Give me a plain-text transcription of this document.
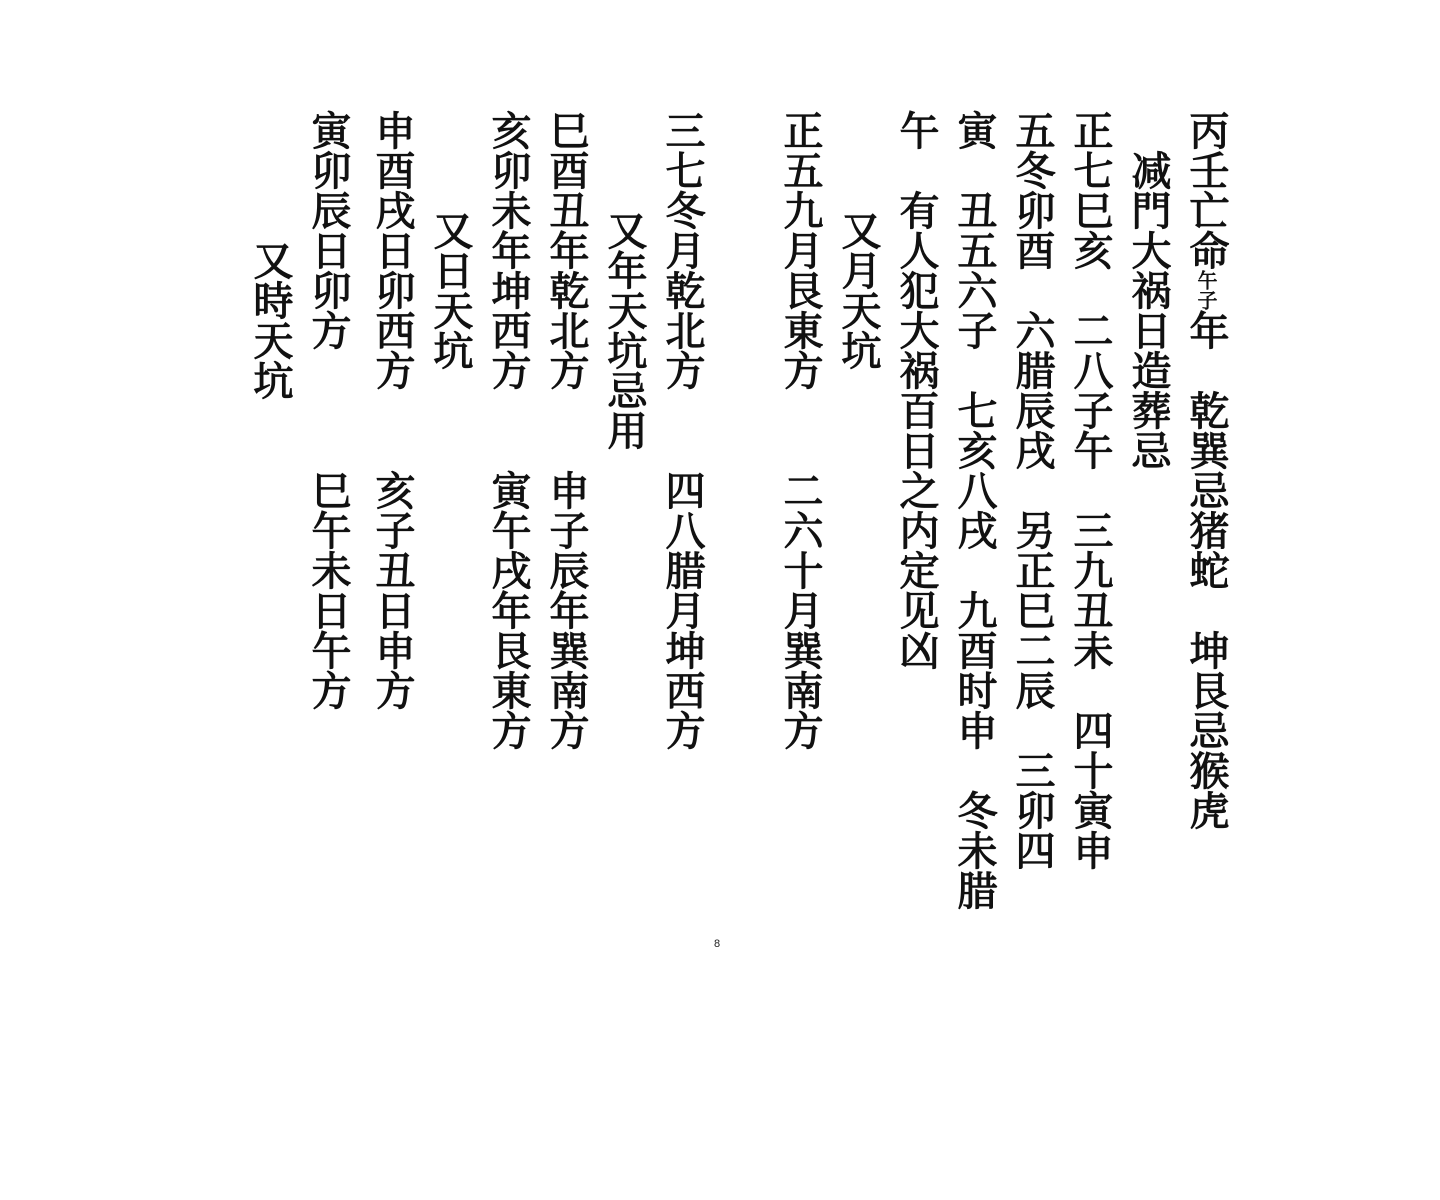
丙壬亡命午子年　乾巽忌猪蛇　坤艮忌猴虎
　减門大祸日造葬忌
正七巳亥　二八子午　三九丑未　四十寅申
五冬卯酉　六腊辰戌　另正巳二辰　三卯四
寅　丑五六子　七亥八戌　九酉时申　冬未腊
午　有人犯大祸百日之内定见凶
　又月天坑
正五九月艮東方　　二六十月巽南方
三七冬月乾北方　　四八腊月坤西方
　又年天坑忌用
巳酉丑年乾北方　　申子辰年巽南方
亥卯未年坤西方　　寅午戌年艮東方
　又日天坑
申酉戌日卯西方　　亥子丑日申方
寅卯辰日卯方　　　巳午未日午方
　又時天坑
8
